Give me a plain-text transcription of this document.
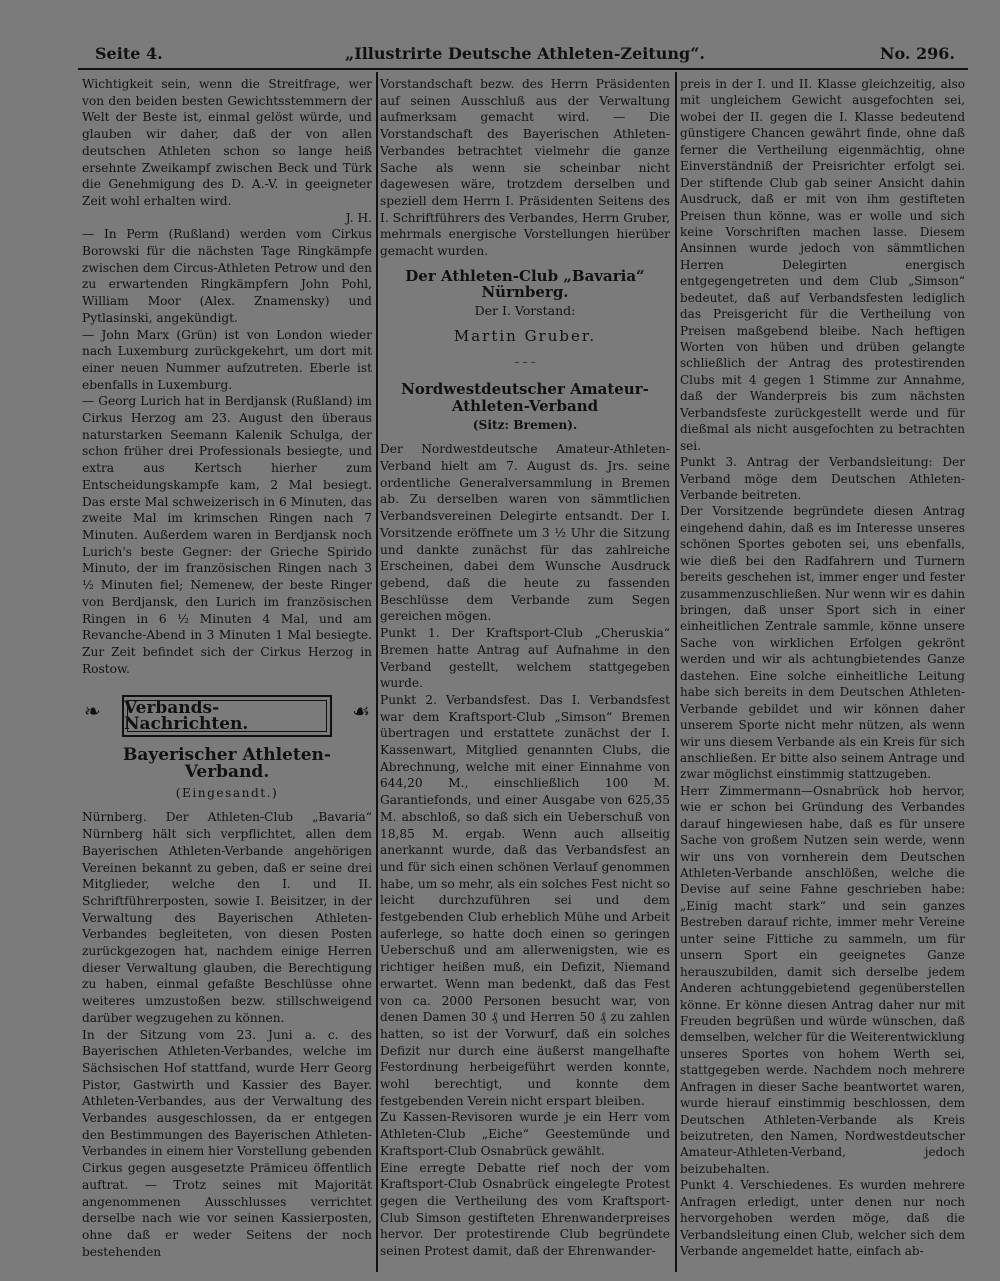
Seite 4.	„Illustrirte Deutsche Athleten-Zeitung“.	No. 296.

Wichtigkeit sein, wenn die Streitfrage, wer von den beiden besten Gewichtsstemmern der Welt der Beste ist, einmal gelöst würde, und glauben wir daher, daß der von allen deutschen Athleten schon so lange heiß ersehnte Zweikampf zwischen Beck und Türk die Genehmigung des D. A.-V. in geeigneter Zeit wohl erhalten wird.

J. H.

— In Perm (Rußland) werden vom Cirkus Borowski für die nächsten Tage Ringkämpfe zwischen dem Circus-Athleten Petrow und den zu erwartenden Ringkämpfern John Pohl, William Moor (Alex. Znamensky) und Pytlasinski, angekündigt.

— John Marx (Grün) ist von London wieder nach Luxemburg zurückgekehrt, um dort mit einer neuen Nummer aufzutreten. Eberle ist ebenfalls in Luxemburg.

— Georg Lurich hat in Berdjansk (Rußland) im Cirkus Herzog am 23. August den überaus naturstarken Seemann Kalenik Schulga, der schon früher drei Professionals besiegte, und extra aus Kertsch hierher zum Entscheidungskampfe kam, 2 Mal besiegt. Das erste Mal schweizerisch in 6 Minuten, das zweite Mal im krimschen Ringen nach 7 Minuten. Außerdem waren in Berdjansk noch Lurich's beste Gegner: der Grieche Spirido Minuto, der im französischen Ringen nach 3 ½ Minuten fiel; Nemenew, der beste Ringer von Berdjansk, den Lurich im französischen Ringen in 6 ½ Minuten 4 Mal, und am Revanche-Abend in 3 Minuten 1 Mal besiegte. Zur Zeit befindet sich der Cirkus Herzog in Rostow.

❧ Verbands-Nachrichten.
☙
Bayerischer Athleten-Verband.
(Eingesandt.)

Nürnberg. Der Athleten-Club „Bavaria“ Nürnberg hält sich verpflichtet, allen dem Bayerischen Athleten-Verbande angehörigen Vereinen bekannt zu geben, daß er seine drei Mitglieder, welche den I. und II. Schriftführerposten, sowie I. Beisitzer, in der Verwaltung des Bayerischen Athleten-Verbandes begleiteten, von diesen Posten zurückgezogen hat, nachdem einige Herren dieser Verwaltung glauben, die Berechtigung zu haben, einmal gefaßte Beschlüsse ohne weiteres umzustoßen bezw. stillschweigend darüber wegzugehen zu können.

In der Sitzung vom 23. Juni a. c. des Bayerischen Athleten-Verbandes, welche im Sächsischen Hof stattfand, wurde Herr Georg Pistor, Gastwirth und Kassier des Bayer. Athleten-Verbandes, aus der Verwaltung des Verbandes ausgeschlossen, da er entgegen den Bestimmungen des Bayerischen Athleten-Verbandes in einem hier Vorstellung gebenden Cirkus gegen ausgesetzte Prämiceu öffentlich auftrat. — Trotz seines mit Majorität angenommenen Ausschlusses verrichtet derselbe nach wie vor seinen Kassierposten, ohne daß er weder Seitens der noch bestehenden

Vorstandschaft bezw. des Herrn Präsidenten auf seinen Ausschluß aus der Verwaltung aufmerksam gemacht wird. — Die Vorstandschaft des Bayerischen Athleten-Verbandes betrachtet vielmehr die ganze Sache als wenn sie scheinbar nicht dagewesen wäre, trotzdem derselben und speziell dem Herrn I. Präsidenten Seitens des I. Schriftführers des Verbandes, Herrn Gruber, mehrmals energische Vorstellungen hierüber gemacht wurden.

Der Athleten-Club „Bavaria“ Nürnberg.
Der I. Vorstand:
Martin Gruber.
– – –
Nordwestdeutscher Amateur-Athleten-Verband
(Sitz: Bremen).

Der Nordwestdeutsche Amateur-Athleten-Verband hielt am 7. August ds. Jrs. seine ordentliche Generalversammlung in Bremen ab. Zu derselben waren von sämmtlichen Verbandsvereinen Delegirte entsandt. Der I. Vorsitzende eröffnete um 3 ½ Uhr die Sitzung und dankte zunächst für das zahlreiche Erscheinen, dabei dem Wunsche Ausdruck gebend, daß die heute zu fassenden Beschlüsse dem Verbande zum Segen gereichen mögen.

Punkt 1. Der Kraftsport-Club „Cheruskia“ Bremen hatte Antrag auf Aufnahme in den Verband gestellt, welchem stattgegeben wurde.

Punkt 2. Verbandsfest. Das I. Verbandsfest war dem Kraftsport-Club „Simson“ Bremen übertragen und erstattete zunächst der I. Kassenwart, Mitglied genannten Clubs, die Abrechnung, welche mit einer Einnahme von 644,20 M., einschließlich 100 M. Garantiefonds, und einer Ausgabe von 625,35 M. abschloß, so daß sich ein Ueberschuß von 18,85 M. ergab. Wenn auch allseitig anerkannt wurde, daß das Verbandsfest an und für sich einen schönen Verlauf genommen habe, um so mehr, als ein solches Fest nicht so leicht durchzuführen sei und dem festgebenden Club erheblich Mühe und Arbeit auferlege, so hatte doch einen so geringen Ueberschuß und am allerwenigsten, wie es richtiger heißen muß, ein Defizit, Niemand erwartet. Wenn man bedenkt, daß das Fest von ca. 2000 Personen besucht war, von denen Damen 30 ₰ und Herren 50 ₰ zu zahlen hatten, so ist der Vorwurf, daß ein solches Defizit nur durch eine äußerst mangelhafte Festordnung herbeigeführt werden konnte, wohl berechtigt, und konnte dem festgebenden Verein nicht erspart bleiben.

Zu Kassen-Revisoren wurde je ein Herr vom Athleten-Club „Eiche“ Geestemünde und Kraftsport-Club Osnabrück gewählt.

Eine erregte Debatte rief noch der vom Kraftsport-Club Osnabrück eingelegte Protest gegen die Vertheilung des vom Kraftsport-Club Simson gestifteten Ehrenwanderpreises hervor. Der protestirende Club begründete seinen Protest damit, daß der Ehrenwander-

preis in der I. und II. Klasse gleichzeitig, also mit ungleichem Gewicht ausgefochten sei, wobei der II. gegen die I. Klasse bedeutend günstigere Chancen gewährt finde, ohne daß ferner die Vertheilung eigenmächtig, ohne Einverständniß der Preisrichter erfolgt sei. Der stiftende Club gab seiner Ansicht dahin Ausdruck, daß er mit von ihm gestifteten Preisen thun könne, was er wolle und sich keine Vorschriften machen lasse. Diesem Ansinnen wurde jedoch von sämmtlichen Herren Delegirten energisch entgegengetreten und dem Club „Simson“ bedeutet, daß auf Verbandsfesten lediglich das Preisgericht für die Vertheilung von Preisen maßgebend bleibe. Nach heftigen Worten von hüben und drüben gelangte schließlich der Antrag des protestirenden Clubs mit 4 gegen 1 Stimme zur Annahme, daß der Wanderpreis bis zum nächsten Verbandsfeste zurückgestellt werde und für dießmal als nicht ausgefochten zu betrachten sei.

Punkt 3. Antrag der Verbandsleitung: Der Verband möge dem Deutschen Athleten-Verbande beitreten.

Der Vorsitzende begründete diesen Antrag eingehend dahin, daß es im Interesse unseres schönen Sportes geboten sei, uns ebenfalls, wie dieß bei den Radfahrern und Turnern bereits geschehen ist, immer enger und fester zusammenzuschließen. Nur wenn wir es dahin bringen, daß unser Sport sich in einer einheitlichen Zentrale sammle, könne unsere Sache von wirklichen Erfolgen gekrönt werden und wir als achtungbietendes Ganze dastehen. Eine solche einheitliche Leitung habe sich bereits in dem Deutschen Athleten-Verbande gebildet und wir können daher unserem Sporte nicht mehr nützen, als wenn wir uns diesem Verbande als ein Kreis für sich anschließen. Er bitte also seinem Antrage und zwar möglichst einstimmig stattzugeben.

Herr Zimmermann—Osnabrück hob hervor, wie er schon bei Gründung des Verbandes darauf hingewiesen habe, daß es für unsere Sache von großem Nutzen sein werde, wenn wir uns von vornherein dem Deutschen Athleten-Verbande anschlößen, welche die Devise auf seine Fahne geschrieben habe: „Einig macht stark“ und sein ganzes Bestreben darauf richte, immer mehr Vereine unter seine Fittiche zu sammeln, um für unsern Sport ein geeignetes Ganze herauszubilden, damit sich derselbe jedem Anderen achtunggebietend gegenüberstellen könne. Er könne diesen Antrag daher nur mit Freuden begrüßen und würde wünschen, daß demselben, welcher für die Weiterentwicklung unseres Sportes von hohem Werth sei, stattgegeben werde. Nachdem noch mehrere Anfragen in dieser Sache beantwortet waren, wurde hierauf einstimmig beschlossen, dem Deutschen Athleten-Verbande als Kreis beizutreten, den Namen, Nordwestdeutscher Amateur-Athleten-Verband, jedoch beizubehalten.

Punkt 4. Verschiedenes. Es wurden mehrere Anfragen erledigt, unter denen nur noch hervorgehoben werden möge, daß die Verbandsleitung einen Club, welcher sich dem Verbande angemeldet hatte, einfach ab-
